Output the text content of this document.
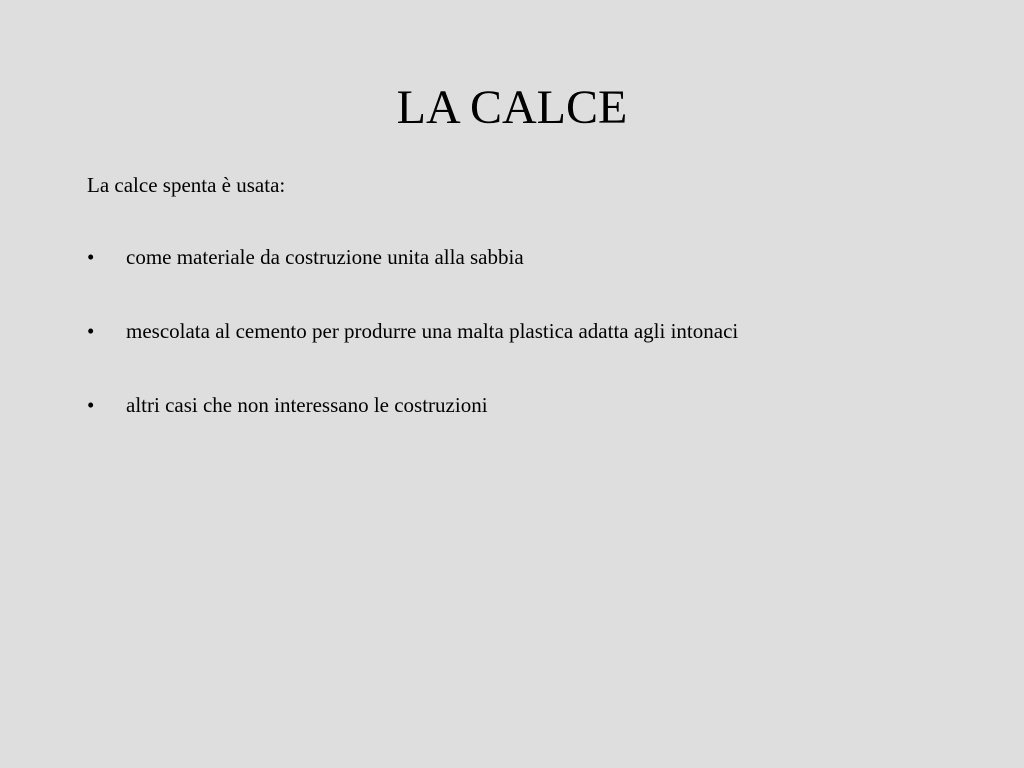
LA CALCE

La calce spenta è usata:

•	come materiale da costruzione unita alla sabbia
•	mescolata al cemento per produrre una malta plastica adatta agli intonaci
•	altri casi che non interessano le costruzioni
